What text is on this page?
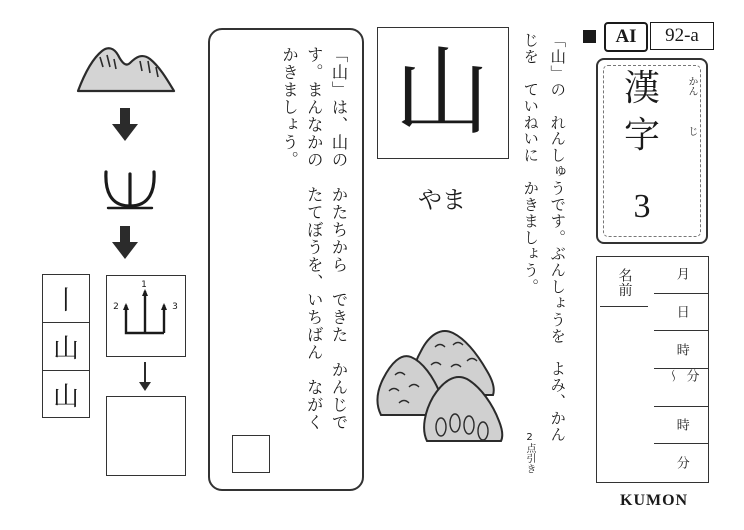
1
2	3
丨
山
山	「山」は、山の　かたちから　できた　かんじです。まんなかの　たてぼうを、いちばん　ながく　かきましょう。 山
やま	「山」の　れんしゅうです。ぶんしょうを　よみ、かん
じを　ていねいに　かきましょう。
2点引き
AI	92-a
漢	かん
字	じ
3
名前	月
日
時
分 〜
時
分
KUMON
